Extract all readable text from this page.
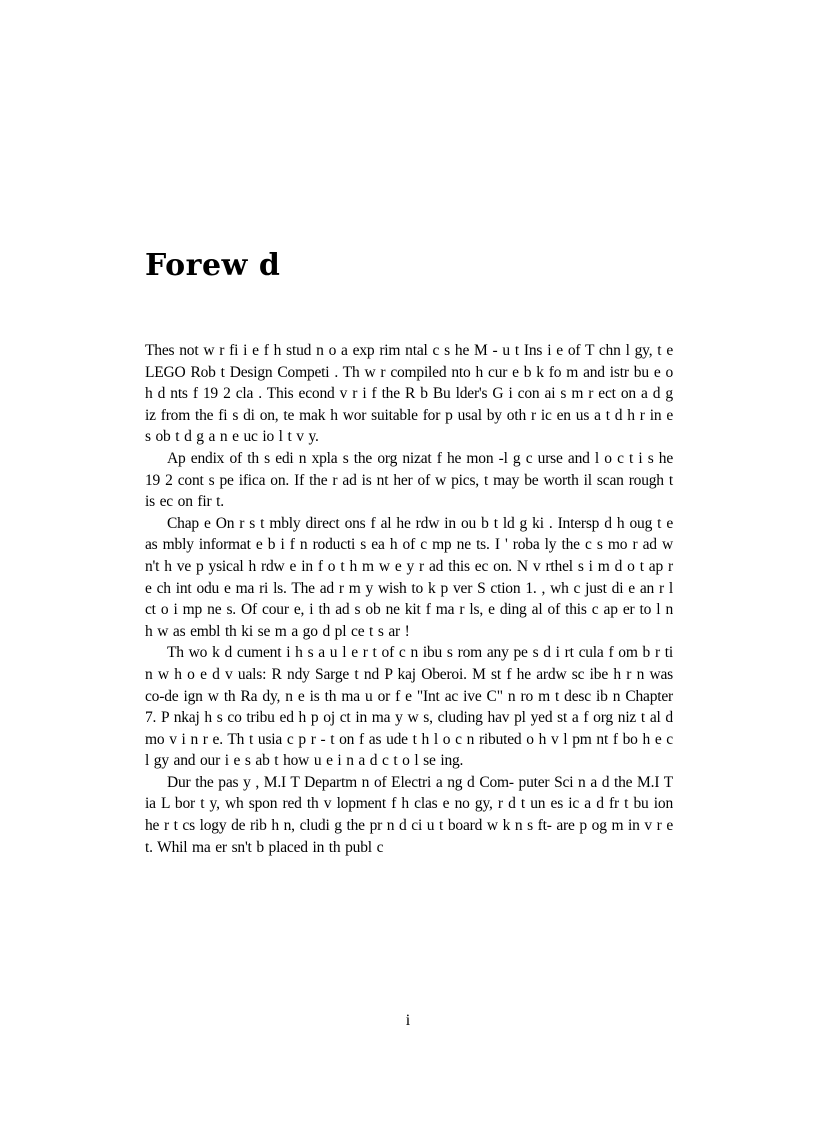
Forew d

Thes not w r fi i e f h stud n o a exp rim ntal c s he M - u t Ins i e of T chn l gy, t e LEGO Rob t Design Competi . Th w r compiled nto h cur e b k fo m and istr bu e o h d nts f 19 2 cla . This econd v r i f the R b Bu lder's G i con ai s m r ect on a d g iz from the fi s di on, te mak h wor suitable for p usal by oth r ic en us a t d h r in e s ob t d g a n e uc io l t v y.

Ap endix of th s edi n xpla s the org nizat f he mon -l g c urse and l o c t i s he 19 2 cont s pe ifica on. If the r ad is nt her of w pics, t may be worth il scan rough t is ec on fir t.

Chap e On r s t mbly direct ons f al he rdw in ou b t ld g ki . Intersp d h oug t e as mbly informat e b i f n roducti s ea h of c mp ne ts. I ' roba ly the c s mo r ad w n't h ve p ysical h rdw e in f o t h m w e y r ad this ec on. N v rthel s i m d o t ap r e ch int odu e ma ri ls. The ad r m y wish to k p ver S ction 1. , wh c just di e an r l ct o i mp ne s. Of cour e, i th ad s ob ne kit f ma r ls, e ding al of this c ap er to l n h w as embl th ki se m a go d pl ce t s ar !

Th wo k d cument i h s a u l e r t of c n ibu s rom any pe s d i rt cula f om b r ti n w h o e d v uals: R ndy Sarge t nd P kaj Oberoi. M st f he ardw sc ibe h r n was co-de ign w th Ra dy, n e is th ma u or f e "Int ac ive C" n ro m t desc ib n Chapter 7. P nkaj h s co tribu ed h p oj ct in ma y w s, cluding hav pl yed st a f org niz t al d mo v i n r e. Th t usia c p r - t on f as ude t h l o c n ributed o h v l pm nt f bo h e c l gy and our i e s ab t how u e i n a d c t o l se ing.

Dur the pas y , M.I T Departm n of Electri a ng d Com- puter Sci n a d the M.I T ia L bor t y, wh spon red th v lopment f h clas e no gy, r d t un es ic a d fr t bu ion he r t cs logy de rib h n, cludi g the pr n d ci u t board w k n s ft- are p og m in v r e t. Whil ma er sn't b placed in th publ c

i
